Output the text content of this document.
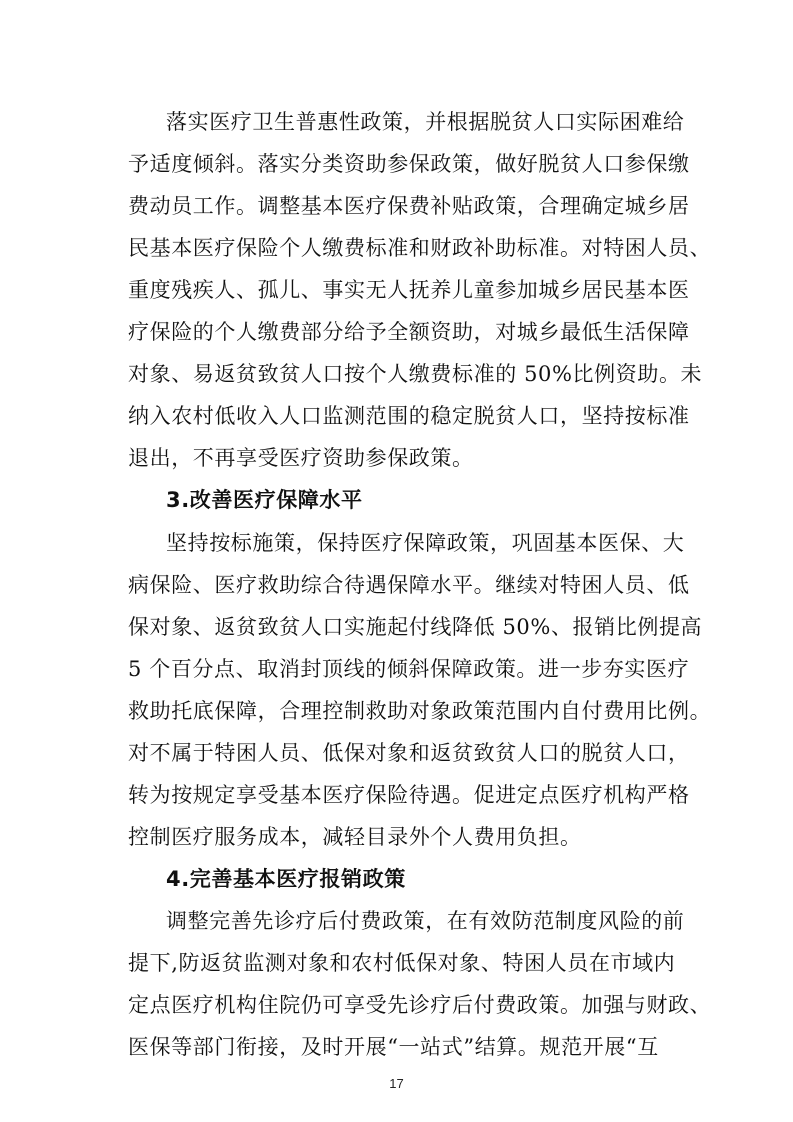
落实医疗卫生普惠性政策，并根据脱贫人口实际困难给
予适度倾斜。落实分类资助参保政策，做好脱贫人口参保缴
费动员工作。调整基本医疗保费补贴政策，合理确定城乡居
民基本医疗保险个人缴费标准和财政补助标准。对特困人员、
重度残疾人、孤儿、事实无人抚养儿童参加城乡居民基本医
疗保险的个人缴费部分给予全额资助，对城乡最低生活保障
对象、易返贫致贫人口按个人缴费标准的 50%比例资助。未
纳入农村低收入人口监测范围的稳定脱贫人口，坚持按标准
退出，不再享受医疗资助参保政策。
3.改善医疗保障水平
坚持按标施策，保持医疗保障政策，巩固基本医保、大
病保险、医疗救助综合待遇保障水平。继续对特困人员、低
保对象、返贫致贫人口实施起付线降低 50%、报销比例提高
5 个百分点、取消封顶线的倾斜保障政策。进一步夯实医疗
救助托底保障，合理控制救助对象政策范围内自付费用比例。
对不属于特困人员、低保对象和返贫致贫人口的脱贫人口，
转为按规定享受基本医疗保险待遇。促进定点医疗机构严格
控制医疗服务成本，减轻目录外个人费用负担。
4.完善基本医疗报销政策
调整完善先诊疗后付费政策，在有效防范制度风险的前
提下,防返贫监测对象和农村低保对象、特困人员在市域内
定点医疗机构住院仍可享受先诊疗后付费政策。加强与财政、
医保等部门衔接，及时开展“一站式”结算。规范开展“互
17
